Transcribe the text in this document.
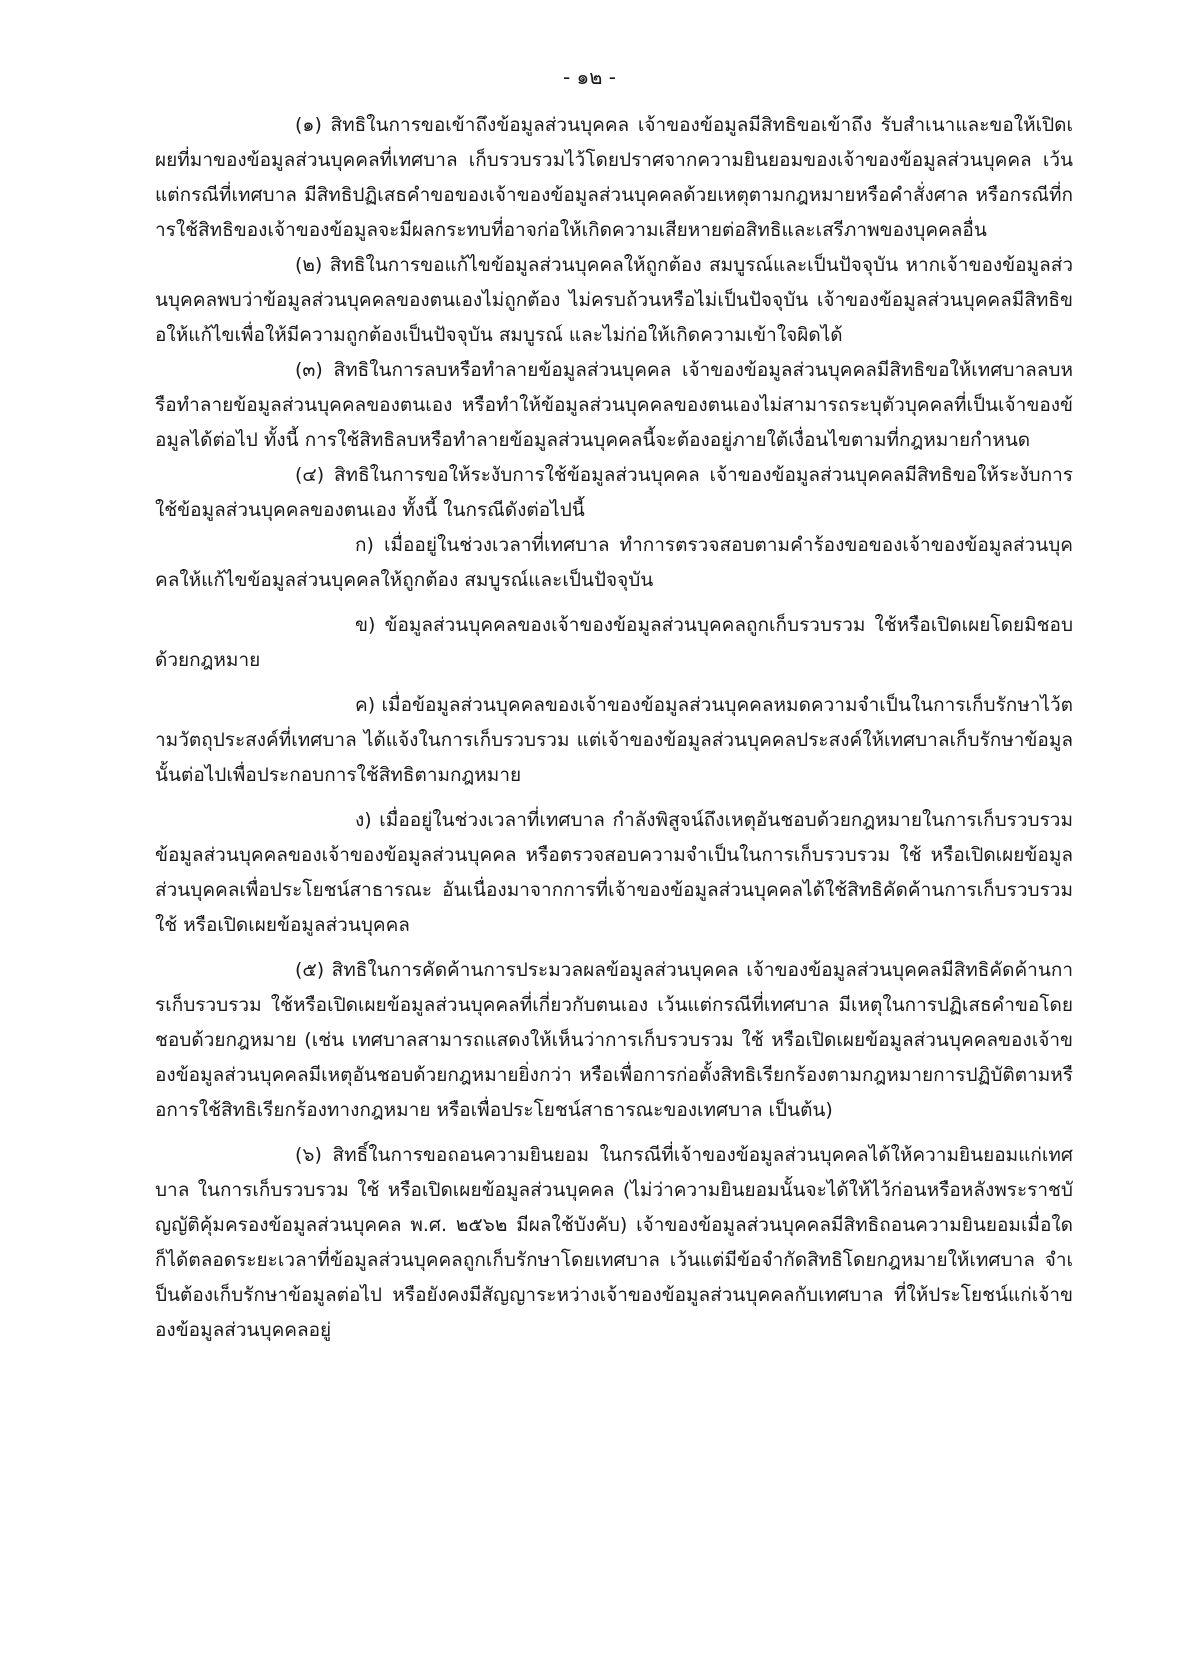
- ๑๒ -

(๑) สิทธิในการขอเข้าถึงข้อมูลส่วนบุคคล เจ้าของข้อมูลมีสิทธิขอเข้าถึง รับสำเนาและขอให้เปิดเผยที่มาของข้อมูลส่วนบุคคลที่เทศบาล เก็บรวบรวมไว้โดยปราศจากความยินยอมของเจ้าของข้อมูลส่วนบุคคล เว้นแต่กรณีที่เทศบาล มีสิทธิปฏิเสธคำขอของเจ้าของข้อมูลส่วนบุคคลด้วยเหตุตามกฎหมายหรือคำสั่งศาล หรือกรณีที่การใช้สิทธิของเจ้าของข้อมูลจะมีผลกระทบที่อาจก่อให้เกิดความเสียหายต่อสิทธิและเสรีภาพของบุคคลอื่น

(๒) สิทธิในการขอแก้ไขข้อมูลส่วนบุคคลให้ถูกต้อง สมบูรณ์และเป็นปัจจุบัน หากเจ้าของข้อมูลส่วนบุคคลพบว่าข้อมูลส่วนบุคคลของตนเองไม่ถูกต้อง ไม่ครบถ้วนหรือไม่เป็นปัจจุบัน เจ้าของข้อมูลส่วนบุคคลมีสิทธิขอให้แก้ไขเพื่อให้มีความถูกต้องเป็นปัจจุบัน สมบูรณ์ และไม่ก่อให้เกิดความเข้าใจผิดได้

(๓) สิทธิในการลบหรือทำลายข้อมูลส่วนบุคคล เจ้าของข้อมูลส่วนบุคคลมีสิทธิขอให้เทศบาลลบหรือทำลายข้อมูลส่วนบุคคลของตนเอง หรือทำให้ข้อมูลส่วนบุคคลของตนเองไม่สามารถระบุตัวบุคคลที่เป็นเจ้าของข้อมูลได้ต่อไป ทั้งนี้ การใช้สิทธิลบหรือทำลายข้อมูลส่วนบุคคลนี้จะต้องอยู่ภายใต้เงื่อนไขตามที่กฎหมายกำหนด

(๔) สิทธิในการขอให้ระงับการใช้ข้อมูลส่วนบุคคล เจ้าของข้อมูลส่วนบุคคลมีสิทธิขอให้ระงับการใช้ข้อมูลส่วนบุคคลของตนเอง ทั้งนี้ ในกรณีดังต่อไปนี้

ก) เมื่ออยู่ในช่วงเวลาที่เทศบาล ทำการตรวจสอบตามคำร้องขอของเจ้าของข้อมูลส่วนบุคคลให้แก้ไขข้อมูลส่วนบุคคลให้ถูกต้อง สมบูรณ์และเป็นปัจจุบัน

ข) ข้อมูลส่วนบุคคลของเจ้าของข้อมูลส่วนบุคคลถูกเก็บรวบรวม ใช้หรือเปิดเผยโดยมิชอบด้วยกฎหมาย

ค) เมื่อข้อมูลส่วนบุคคลของเจ้าของข้อมูลส่วนบุคคลหมดความจำเป็นในการเก็บรักษาไว้ตามวัตถุประสงค์ที่เทศบาล ได้แจ้งในการเก็บรวบรวม แต่เจ้าของข้อมูลส่วนบุคคลประสงค์ให้เทศบาลเก็บรักษาข้อมูลนั้นต่อไปเพื่อประกอบการใช้สิทธิตามกฎหมาย

ง) เมื่ออยู่ในช่วงเวลาที่เทศบาล กำลังพิสูจน์ถึงเหตุอันชอบด้วยกฎหมายในการเก็บรวบรวมข้อมูลส่วนบุคคลของเจ้าของข้อมูลส่วนบุคคล หรือตรวจสอบความจำเป็นในการเก็บรวบรวม ใช้ หรือเปิดเผยข้อมูลส่วนบุคคลเพื่อประโยชน์สาธารณะ อันเนื่องมาจากการที่เจ้าของข้อมูลส่วนบุคคลได้ใช้สิทธิคัดค้านการเก็บรวบรวม ใช้ หรือเปิดเผยข้อมูลส่วนบุคคล

(๕) สิทธิในการคัดค้านการประมวลผลข้อมูลส่วนบุคคล เจ้าของข้อมูลส่วนบุคคลมีสิทธิคัดค้านการเก็บรวบรวม ใช้หรือเปิดเผยข้อมูลส่วนบุคคลที่เกี่ยวกับตนเอง เว้นแต่กรณีที่เทศบาล มีเหตุในการปฏิเสธคำขอโดยชอบด้วยกฎหมาย (เช่น เทศบาลสามารถแสดงให้เห็นว่าการเก็บรวบรวม ใช้ หรือเปิดเผยข้อมูลส่วนบุคคลของเจ้าของข้อมูลส่วนบุคคลมีเหตุอันชอบด้วยกฎหมายยิ่งกว่า หรือเพื่อการก่อตั้งสิทธิเรียกร้องตามกฎหมายการปฏิบัติตามหรือการใช้สิทธิเรียกร้องทางกฎหมาย หรือเพื่อประโยชน์สาธารณะของเทศบาล เป็นต้น)

(๖) สิทธิ์ในการขอถอนความยินยอม ในกรณีที่เจ้าของข้อมูลส่วนบุคคลได้ให้ความยินยอมแก่เทศบาล ในการเก็บรวบรวม ใช้ หรือเปิดเผยข้อมูลส่วนบุคคล (ไม่ว่าความยินยอมนั้นจะได้ให้ไว้ก่อนหรือหลังพระราชบัญญัติคุ้มครองข้อมูลส่วนบุคคล พ.ศ. ๒๕๖๒ มีผลใช้บังคับ) เจ้าของข้อมูลส่วนบุคคลมีสิทธิถอนความยินยอมเมื่อใดก็ได้ตลอดระยะเวลาที่ข้อมูลส่วนบุคคลถูกเก็บรักษาโดยเทศบาล เว้นแต่มีข้อจำกัดสิทธิโดยกฎหมายให้เทศบาล จำเป็นต้องเก็บรักษาข้อมูลต่อไป หรือยังคงมีสัญญาระหว่างเจ้าของข้อมูลส่วนบุคคลกับเทศบาล ที่ให้ประโยชน์แก่เจ้าของข้อมูลส่วนบุคคลอยู่
